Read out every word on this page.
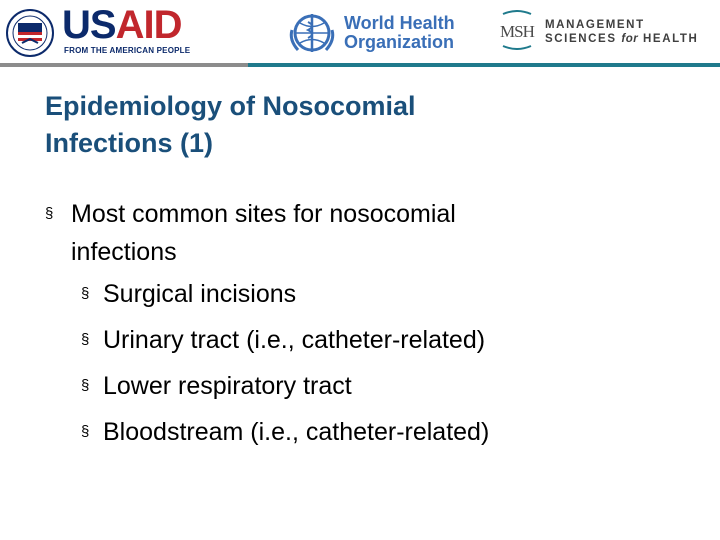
USAID
FROM THE AMERICAN PEOPLE
World Health
Organization
MSH MANAGEMENT
SCIENCES for HEALTH
Epidemiology of Nosocomial
Infections (1)
§ Most common sites for nosocomial
infections
§ Surgical incisions
§ Urinary tract (i.e., catheter-related)
§ Lower respiratory tract
§ Bloodstream (i.e., catheter-related)
